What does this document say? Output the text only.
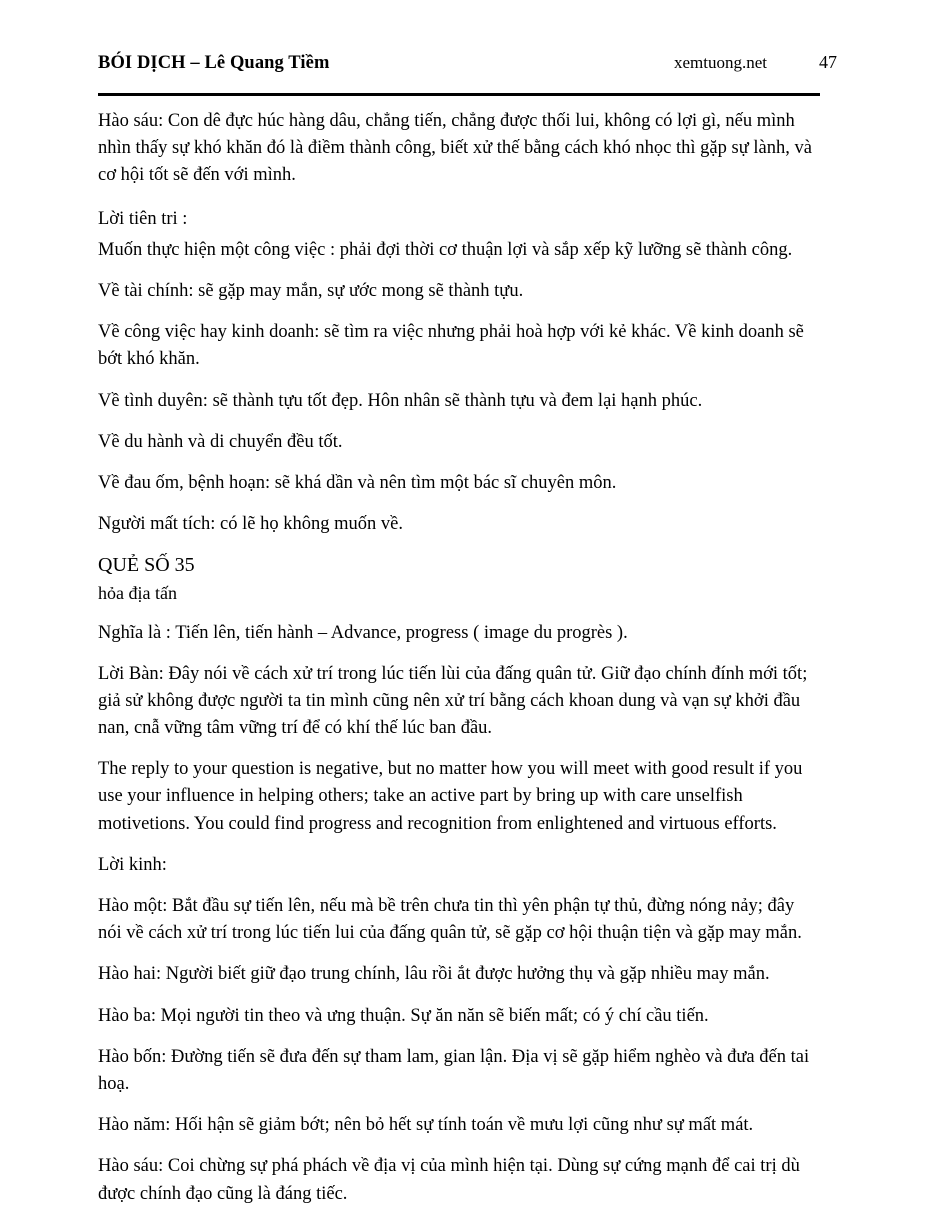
BÓI DỊCH – Lê Quang Tiềm	xemtuong.net	47

Hào sáu: Con dê đực húc hàng dâu, chẳng tiến, chẳng được thối lui, không có lợi gì, nếu mình nhìn thấy sự khó khăn đó là điềm thành công, biết xử thế bằng cách khó nhọc thì gặp sự lành, và cơ hội tốt sẽ đến với mình.

Lời tiên tri :

Muốn thực hiện một công việc : phải đợi thời cơ thuận lợi và sắp xếp kỹ lưỡng sẽ thành công.

Về tài chính: sẽ gặp may mắn, sự ước mong sẽ thành tựu.

Về công việc hay kinh doanh: sẽ tìm ra việc nhưng phải hoà hợp với kẻ khác. Về kinh doanh sẽ bớt khó khăn.

Về tình duyên: sẽ thành tựu tốt đẹp. Hôn nhân sẽ thành tựu và đem lại hạnh phúc.

Về du hành và di chuyển đều tốt.

Về đau ốm, bệnh hoạn: sẽ khá dần và nên tìm một bác sĩ chuyên môn.

Người mất tích: có lẽ họ không muốn về.

QUẺ SỐ 35
hỏa địa tấn

Nghĩa là : Tiến lên, tiến hành – Advance, progress ( image du progrès ).

Lời Bàn: Đây nói về cách xử trí trong lúc tiến lùi của đấng quân tử. Giữ đạo chính đính mới tốt; giả sử không được người ta tin mình cũng nên xử trí bằng cách khoan dung và vạn sự khởi đầu nan, cnẫ vững tâm vững trí để có khí thế lúc ban đầu.

The reply to your question is negative, but no matter how you will meet with good result if you use your influence in helping others; take an active part by bring up with care unselfish motivetions. You could find progress and recognition from enlightened and virtuous efforts.

Lời kinh:

Hào một: Bắt đầu sự tiến lên, nếu mà bề trên chưa tin thì yên phận tự thủ, đừng nóng nảy; đây nói về cách xử trí trong lúc tiến lui của đấng quân tử, sẽ gặp cơ hội thuận tiện và gặp may mắn.

Hào hai: Người biết giữ đạo trung chính, lâu rồi ắt được hưởng thụ và gặp nhiều may mắn.

Hào ba: Mọi người tin theo và ưng thuận. Sự ăn năn sẽ biến mất; có ý chí cầu tiến.

Hào bốn: Đường tiến sẽ đưa đến sự tham lam, gian lận. Địa vị sẽ gặp hiểm nghèo và đưa đến tai hoạ.

Hào năm: Hối hận sẽ giảm bớt; nên bỏ hết sự tính toán về mưu lợi cũng như sự mất mát.

Hào sáu: Coi chừng sự phá phách về địa vị của mình hiện tại. Dùng sự cứng mạnh để cai trị dù được chính đạo cũng là đáng tiếc.
